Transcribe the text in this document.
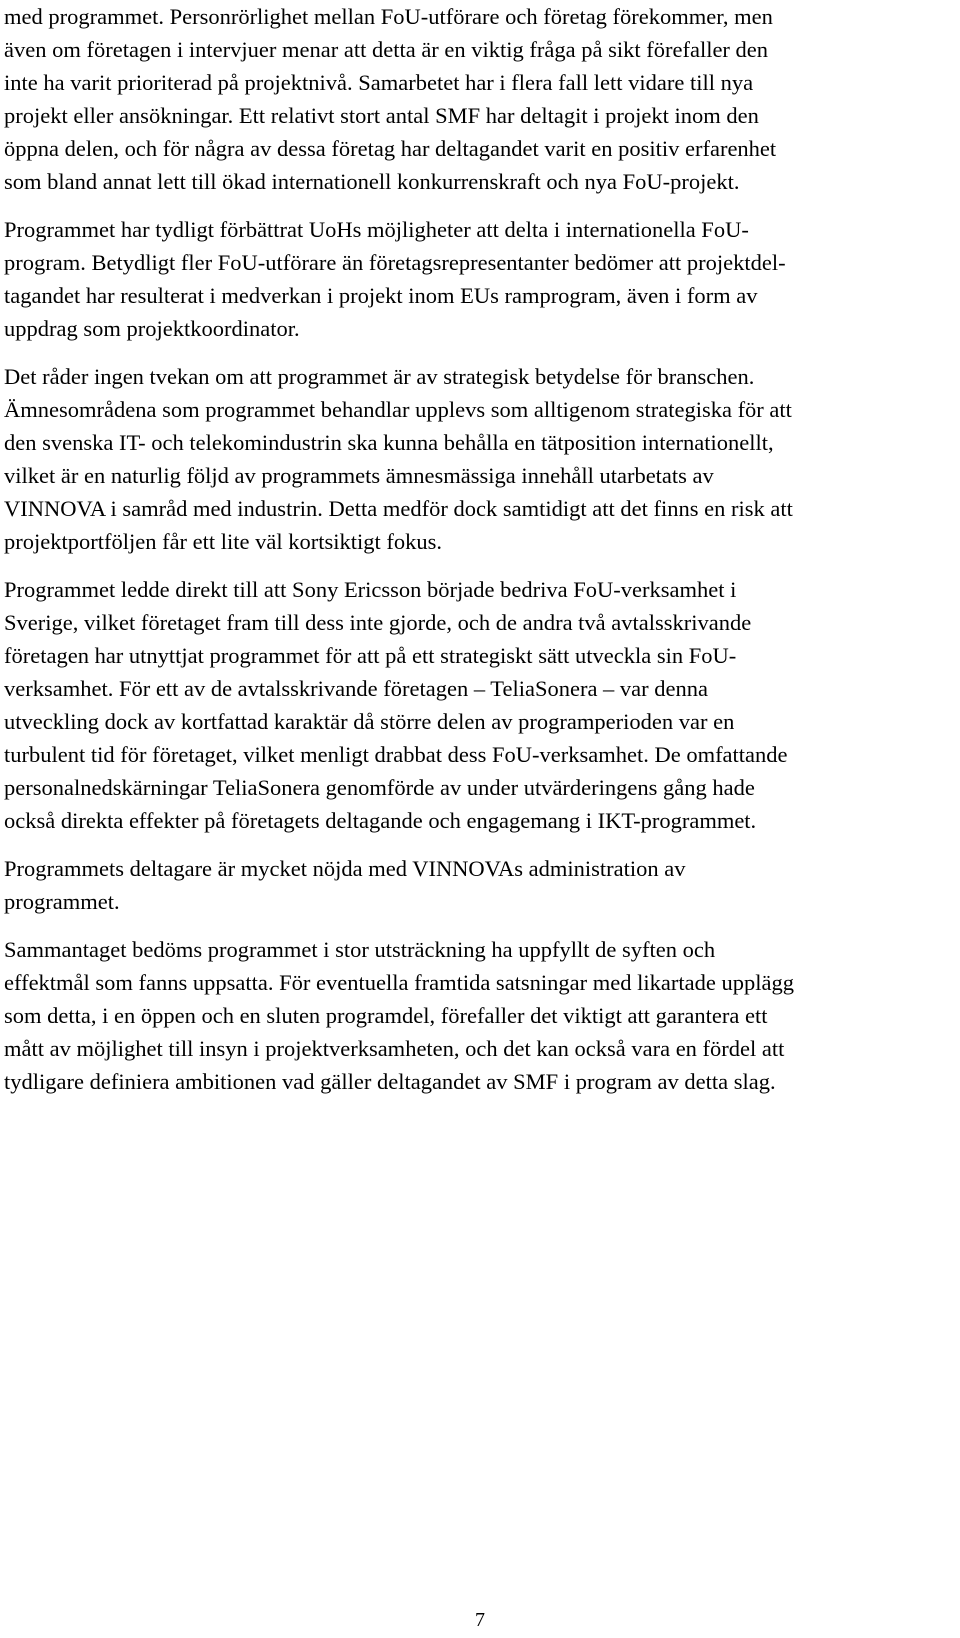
med programmet. Personrörlighet mellan FoU-utförare och företag förekommer, men
även om företagen i intervjuer menar att detta är en viktig fråga på sikt förefaller den
inte ha varit prioriterad på projektnivå. Samarbetet har i flera fall lett vidare till nya
projekt eller ansökningar. Ett relativt stort antal SMF har deltagit i projekt inom den
öppna delen, och för några av dessa företag har deltagandet varit en positiv erfarenhet
som bland annat lett till ökad internationell konkurrenskraft och nya FoU-projekt.

Programmet har tydligt förbättrat UoHs möjligheter att delta i internationella FoU-
program. Betydligt fler FoU-utförare än företagsrepresentanter bedömer att projektdel-
tagandet har resulterat i medverkan i projekt inom EUs ramprogram, även i form av
uppdrag som projektkoordinator.

Det råder ingen tvekan om att programmet är av strategisk betydelse för branschen.
Ämnesområdena som programmet behandlar upplevs som alltigenom strategiska för att
den svenska IT- och telekomindustrin ska kunna behålla en tätposition internationellt,
vilket är en naturlig följd av programmets ämnesmässiga innehåll utarbetats av
VINNOVA i samråd med industrin. Detta medför dock samtidigt att det finns en risk att
projektportföljen får ett lite väl kortsiktigt fokus.

Programmet ledde direkt till att Sony Ericsson började bedriva FoU-verksamhet i
Sverige, vilket företaget fram till dess inte gjorde, och de andra två avtalsskrivande
företagen har utnyttjat programmet för att på ett strategiskt sätt utveckla sin FoU-
verksamhet. För ett av de avtalsskrivande företagen – TeliaSonera – var denna
utveckling dock av kortfattad karaktär då större delen av programperioden var en
turbulent tid för företaget, vilket menligt drabbat dess FoU-verksamhet. De omfattande
personalnedskärningar TeliaSonera genomförde av under utvärderingens gång hade
också direkta effekter på företagets deltagande och engagemang i IKT-programmet.

Programmets deltagare är mycket nöjda med VINNOVAs administration av
programmet.

Sammantaget bedöms programmet i stor utsträckning ha uppfyllt de syften och
effektmål som fanns uppsatta. För eventuella framtida satsningar med likartade upplägg
som detta, i en öppen och en sluten programdel, förefaller det viktigt att garantera ett
mått av möjlighet till insyn i projektverksamheten, och det kan också vara en fördel att
tydligare definiera ambitionen vad gäller deltagandet av SMF i program av detta slag.

7
